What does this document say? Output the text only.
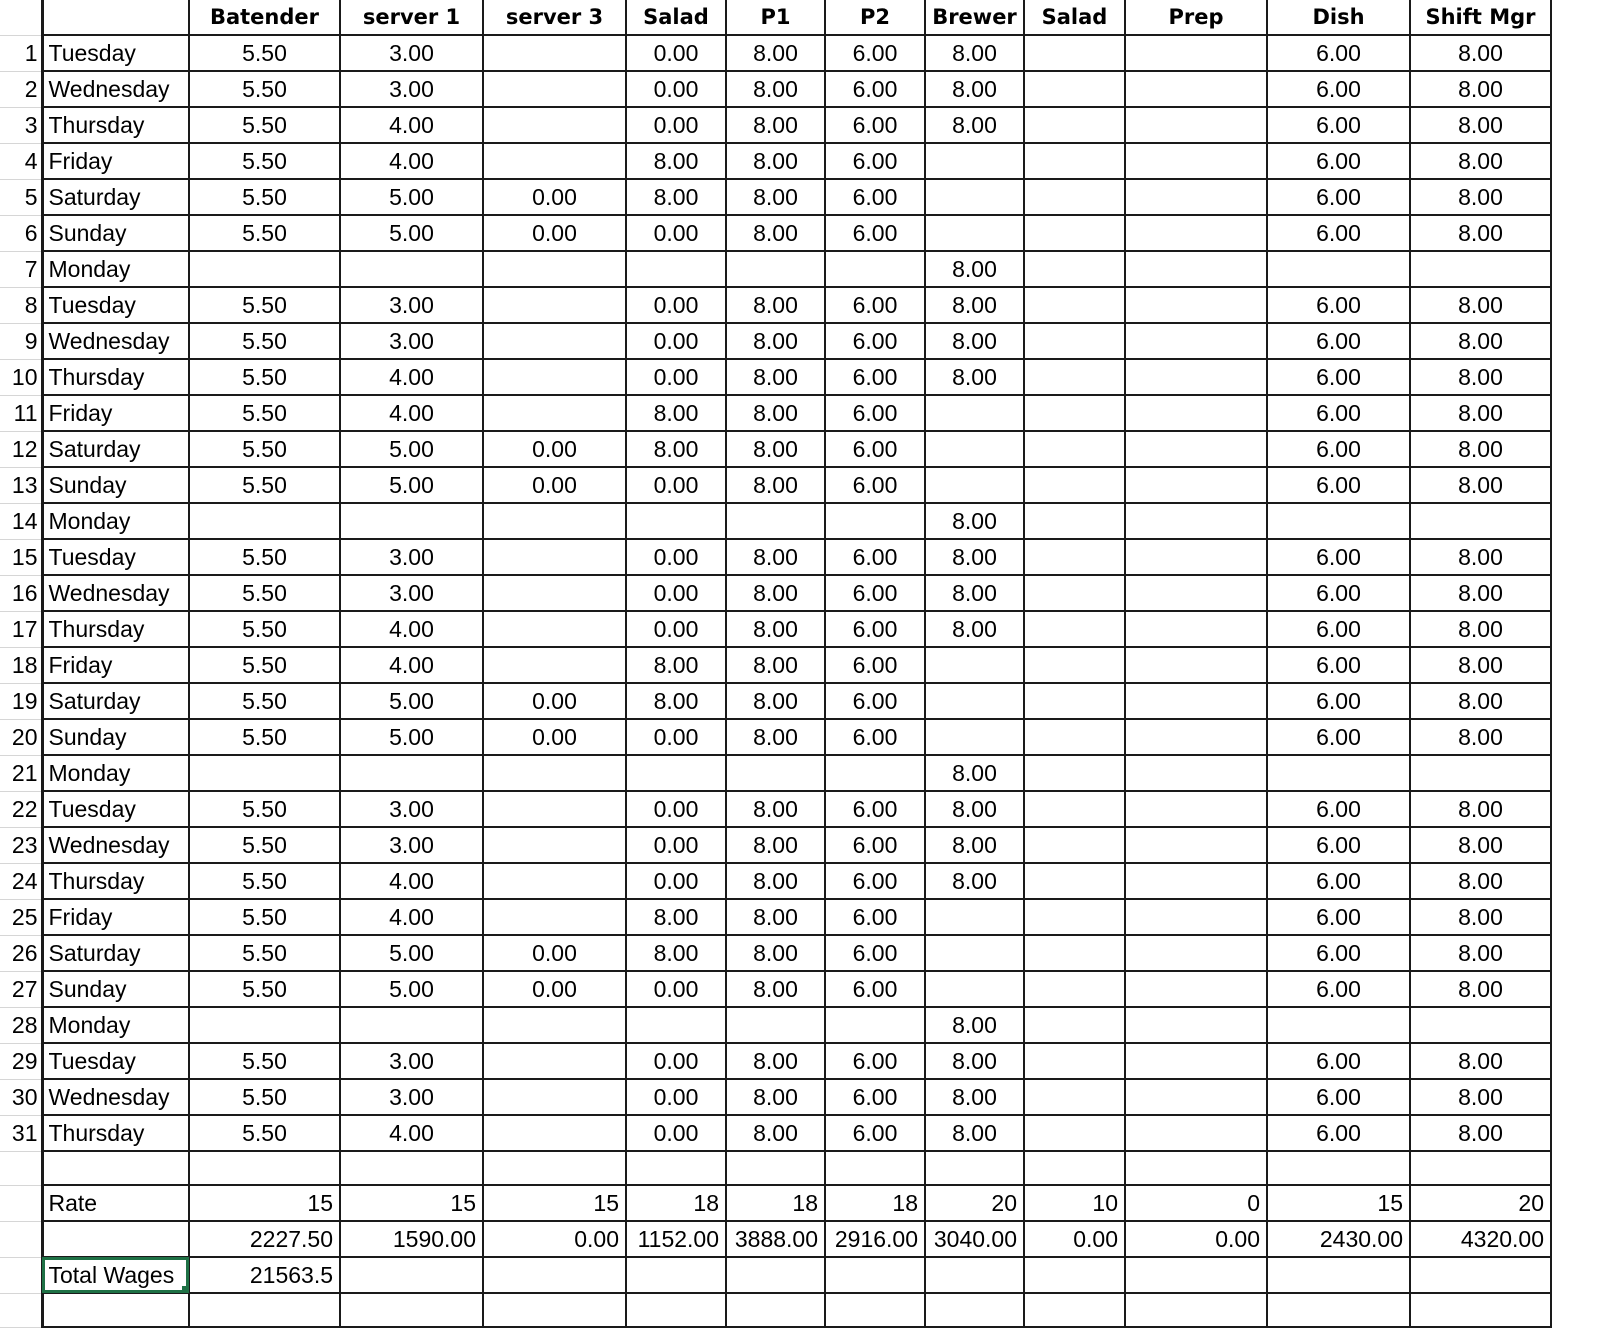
		Batender	server 1	server 3	Salad	P1	P2	Brewer	Salad	Prep	Dish	Shift Mgr
1	Tuesday	5.50	3.00		0.00	8.00	6.00	8.00			6.00	8.00
2	Wednesday	5.50	3.00		0.00	8.00	6.00	8.00			6.00	8.00
3	Thursday	5.50	4.00		0.00	8.00	6.00	8.00			6.00	8.00
4	Friday	5.50	4.00		8.00	8.00	6.00				6.00	8.00
5	Saturday	5.50	5.00	0.00	8.00	8.00	6.00				6.00	8.00
6	Sunday	5.50	5.00	0.00	0.00	8.00	6.00				6.00	8.00
7	Monday							8.00				
8	Tuesday	5.50	3.00		0.00	8.00	6.00	8.00			6.00	8.00
9	Wednesday	5.50	3.00		0.00	8.00	6.00	8.00			6.00	8.00
10	Thursday	5.50	4.00		0.00	8.00	6.00	8.00			6.00	8.00
11	Friday	5.50	4.00		8.00	8.00	6.00				6.00	8.00
12	Saturday	5.50	5.00	0.00	8.00	8.00	6.00				6.00	8.00
13	Sunday	5.50	5.00	0.00	0.00	8.00	6.00				6.00	8.00
14	Monday							8.00				
15	Tuesday	5.50	3.00		0.00	8.00	6.00	8.00			6.00	8.00
16	Wednesday	5.50	3.00		0.00	8.00	6.00	8.00			6.00	8.00
17	Thursday	5.50	4.00		0.00	8.00	6.00	8.00			6.00	8.00
18	Friday	5.50	4.00		8.00	8.00	6.00				6.00	8.00
19	Saturday	5.50	5.00	0.00	8.00	8.00	6.00				6.00	8.00
20	Sunday	5.50	5.00	0.00	0.00	8.00	6.00				6.00	8.00
21	Monday							8.00				
22	Tuesday	5.50	3.00		0.00	8.00	6.00	8.00			6.00	8.00
23	Wednesday	5.50	3.00		0.00	8.00	6.00	8.00			6.00	8.00
24	Thursday	5.50	4.00		0.00	8.00	6.00	8.00			6.00	8.00
25	Friday	5.50	4.00		8.00	8.00	6.00				6.00	8.00
26	Saturday	5.50	5.00	0.00	8.00	8.00	6.00				6.00	8.00
27	Sunday	5.50	5.00	0.00	0.00	8.00	6.00				6.00	8.00
28	Monday							8.00				
29	Tuesday	5.50	3.00		0.00	8.00	6.00	8.00			6.00	8.00
30	Wednesday	5.50	3.00		0.00	8.00	6.00	8.00			6.00	8.00
31	Thursday	5.50	4.00		0.00	8.00	6.00	8.00			6.00	8.00

	Rate	15	15	15	18	18	18	20	10	0	15	20
		2227.50	1590.00	0.00	1152.00	3888.00	2916.00	3040.00	0.00	0.00	2430.00	4320.00
	Total Wages	21563.5										
